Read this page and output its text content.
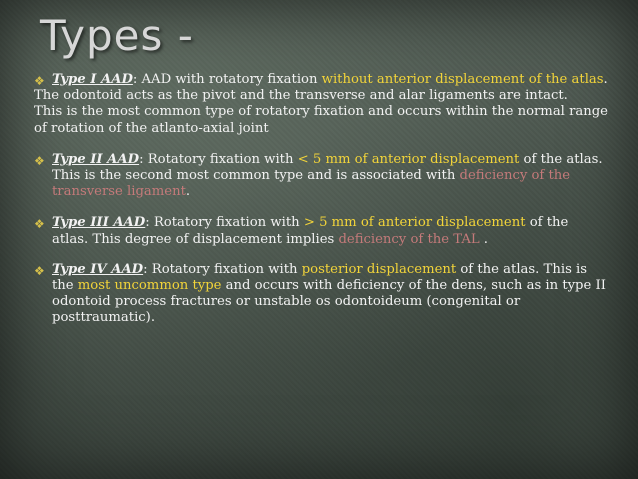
Types -

❖ Type I AAD: AAD with rotatory fixation without anterior displacement of the atlas.

The odontoid acts as the pivot and the transverse and alar ligaments are intact.

This is the most common type of rotatory fixation and occurs within the normal range of rotation of the atlanto-axial joint

❖ Type II AAD: Rotatory fixation with < 5 mm of anterior displacement of the atlas. This is the second most common type and is associated with deficiency of the transverse ligament.

❖ Type III AAD: Rotatory fixation with > 5 mm of anterior displacement of the atlas. This degree of displacement implies deficiency of the TAL .

❖ Type IV AAD: Rotatory fixation with posterior displacement of the atlas. This is the most uncommon type and occurs with deficiency of the dens, such as in type II odontoid process fractures or unstable os odontoideum (congenital or posttraumatic).
